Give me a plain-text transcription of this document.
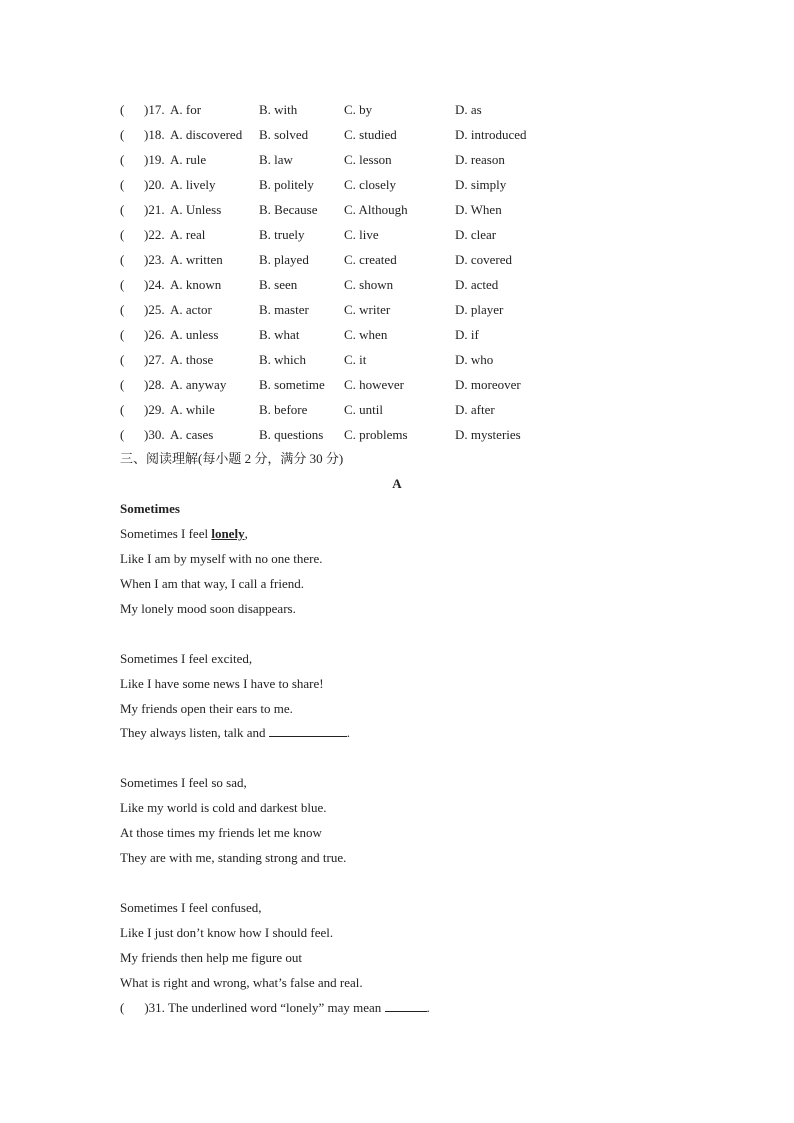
( )17. A. for	B. with	C. by	D. as
( )18. A. discovered B. solved	C. studied	D. introduced
( )19. A. rule	B. law	C. lesson	D. reason
( )20. A. lively	B. politely C. closely	D. simply
( )21. A. Unless	B. Because C. Although	D. When
( )22. A. real	B. truely	C. live	D. clear
( )23. A. written	B. played	C. created	D. covered
( )24. A. known	B. seen	C. shown	D. acted
( )25. A. actor	B. master	C. writer	D. player
( )26. A. unless	B. what	C. when	D. if
( )27. A. those	B. which	C. it	D. who
( )28. A. anyway	B. sometime C. however	D. moreover
( )29. A. while	B. before	C. until	D. after
( )30. A. cases	B. questions C. problems	D. mysteries
三、阅读理解(每小题 2 分，满分 30 分)
A
Sometimes
Sometimes I feel lonely,
Like I am by myself with no one there.
When I am that way, I call a friend.
My lonely mood soon disappears.
Sometimes I feel excited,
Like I have some news I have to share!
My friends open their ears to me.
They always listen, talk and	.
Sometimes I feel so sad,
Like my world is cold and darkest blue.
At those times my friends let me know
They are with me, standing strong and true.
Sometimes I feel confused,
Like I just don’t know how I should feel.
My friends then help me figure out
What is right and wrong, what’s false and real.
( )31. The underlined word “lonely” may mean	.
